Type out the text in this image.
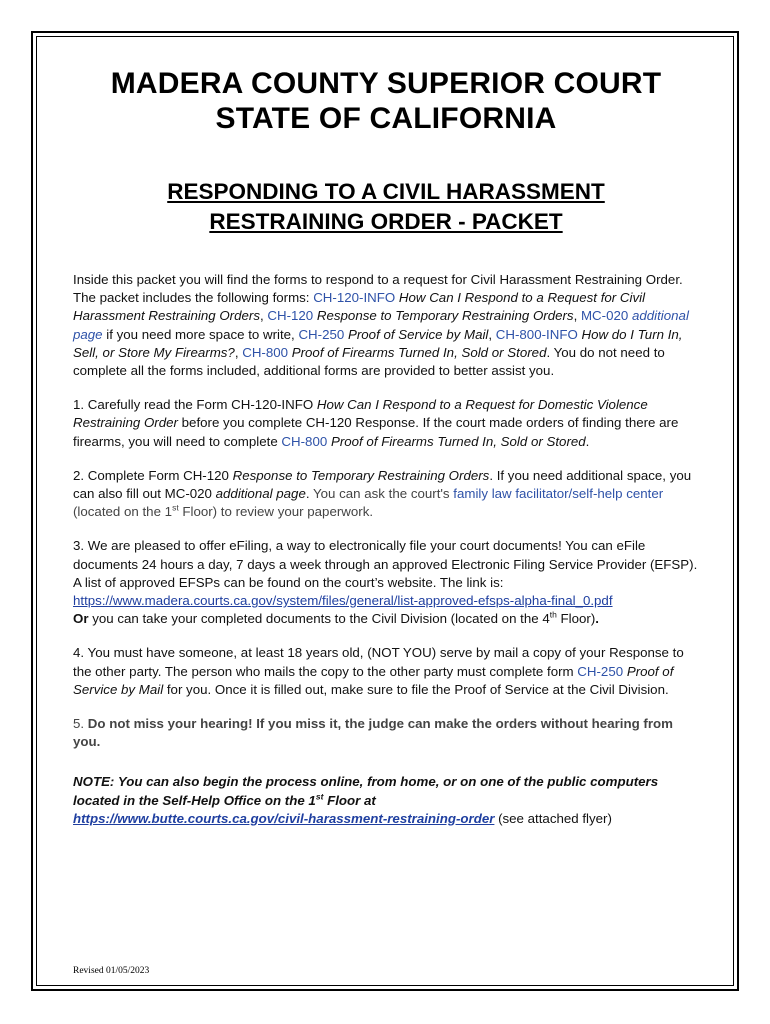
MADERA COUNTY SUPERIOR COURT
STATE OF CALIFORNIA
RESPONDING TO A CIVIL HARASSMENT
RESTRAINING ORDER - PACKET

Inside this packet you will find the forms to respond to a request for Civil Harassment Restraining Order. The packet includes the following forms: CH-120-INFO How Can I Respond to a Request for Civil Harassment Restraining Orders, CH-120 Response to Temporary Restraining Orders, MC-020 additional page if you need more space to write, CH-250 Proof of Service by Mail, CH-800-INFO How do I Turn In, Sell, or Store My Firearms?, CH-800 Proof of Firearms Turned In, Sold or Stored. You do not need to complete all the forms included, additional forms are provided to better assist you.

1. Carefully read the Form CH-120-INFO How Can I Respond to a Request for Domestic Violence Restraining Order before you complete CH-120 Response. If the court made orders of finding there are firearms, you will need to complete CH-800 Proof of Firearms Turned In, Sold or Stored.

2. Complete Form CH-120 Response to Temporary Restraining Orders. If you need additional space, you can also fill out MC-020 additional page. You can ask the court's family law facilitator/self-help center (located on the 1st Floor) to review your paperwork.

3. We are pleased to offer eFiling, a way to electronically file your court documents! You can eFile documents 24 hours a day, 7 days a week through an approved Electronic Filing Service Provider (EFSP). A list of approved EFSPs can be found on the court’s website. The link is:
https://www.madera.courts.ca.gov/system/files/general/list-approved-efsps-alpha-final_0.pdf
Or you can take your completed documents to the Civil Division (located on the 4th Floor).

4. You must have someone, at least 18 years old, (NOT YOU) serve by mail a copy of your Response to the other party. The person who mails the copy to the other party must complete form CH-250 Proof of Service by Mail for you. Once it is filled out, make sure to file the Proof of Service at the Civil Division.

5. Do not miss your hearing! If you miss it, the judge can make the orders without hearing from you.

NOTE: You can also begin the process online, from home, or on one of the public computers located in the Self-Help Office on the 1st Floor at
https://www.butte.courts.ca.gov/civil-harassment-restraining-order (see attached flyer)

Revised 01/05/2023
